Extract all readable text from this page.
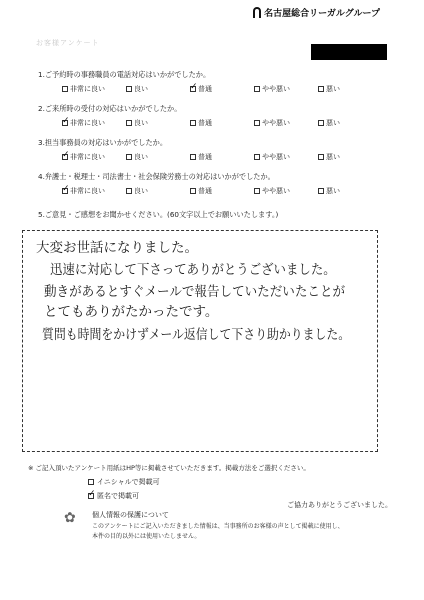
名古屋総合リーガルグループ
お客様アンケート
1.ご予約時の事務職員の電話対応はいかがでしたか。
非常に良い	良い
✓	普通	やや悪い	悪い
2.ご来所時の受付の対応はいかがでしたか。
✓
非常に良い	良い	普通	やや悪い	悪い
3.担当事務員の対応はいかがでしたか。
✓
非常に良い	良い	普通	やや悪い	悪い
4.弁護士・税理士・司法書士・社会保険労務士の対応はいかがでしたか。
✓
非常に良い	良い	普通	やや悪い	悪い
5.ご意見・ご感想をお聞かせください。(60文字以上でお願いいたします。)
大変お世話になりました。
迅速に対応して下さってありがとうございました。
動きがあるとすぐメールで報告していただいたことが
とてもありがたかったです。
質問も時間をかけずメール返信して下さり助かりました。
※ ご記入頂いたアンケート用紙はHP等に掲載させていただきます。掲載方法をご選択ください。
イニシャルで掲載可
✓
匿名で掲載可
ご協力ありがとうございました。
✿ 個人情報の保護について
このアンケートにご記入いただきました情報は、当事務所のお客様の声として掲載に使用し、
本件の目的以外には使用いたしません。
